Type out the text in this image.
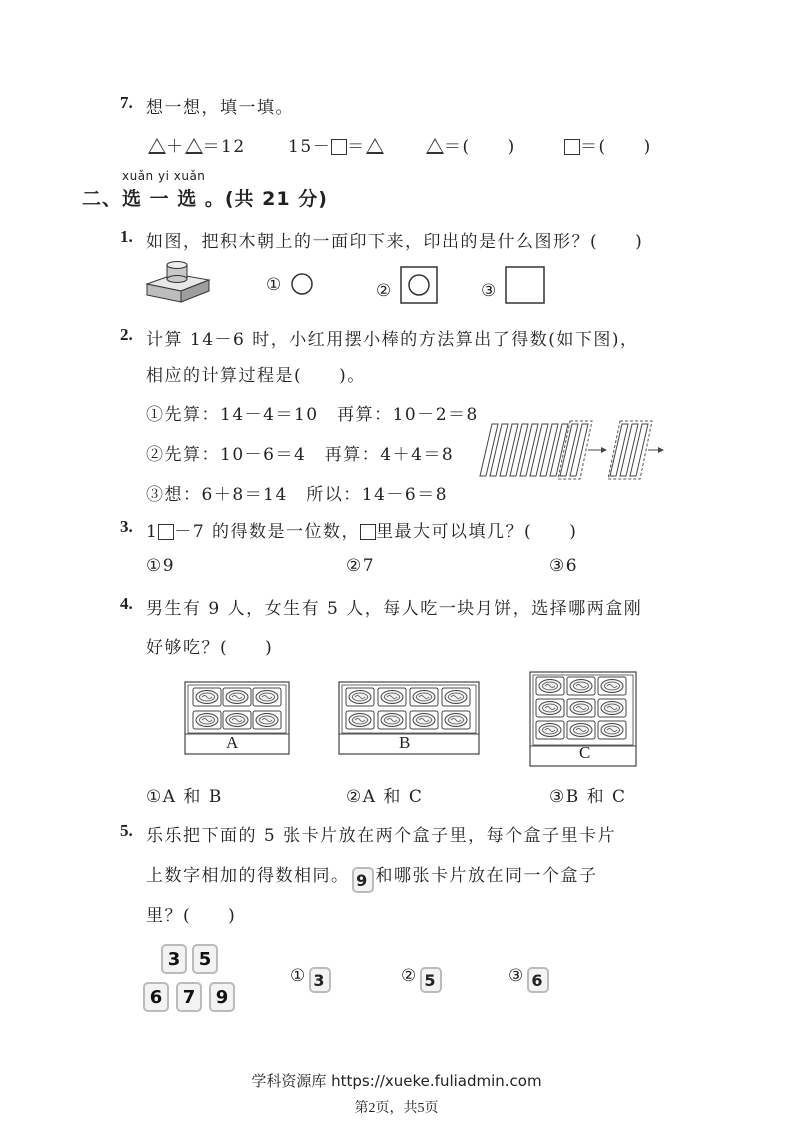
7. 想一想，填一填。
＋ ＝12 15－ ＝	＝(　　)	＝(　　)
xuǎn yi xuǎn
二、选 一 选 。(共 21 分)
1. 如图，把积木朝上的一面印下来，印出的是什么图形？(　　)
①	②	③
2. 计算 14－6 时，小红用摆小棒的方法算出了得数(如下图)，
相应的计算过程是(　　)。
①先算：14－4＝10　再算：10－2＝8
②先算：10－6＝4　再算：4＋4＝8
③想：6＋8＝14　所以：14－6＝8
3. 1 －7 的得数是一位数， 里最大可以填几？(　　)
①9	②7	③6
4. 男生有 9 人，女生有 5 人，每人吃一块月饼，选择哪两盒刚
好够吃？(　　)
A	B
C
①A 和 B	②A 和 C	③B 和 C
5. 乐乐把下面的 5 张卡片放在两个盒子里，每个盒子里卡片
上数字相加的得数相同。 9 和哪张卡片放在同一个盒子
里？(　　)
3	5
6	7	9
① 3	② 5	③ 6
学科资源库 https://xueke.fuliadmin.com
第2页，共5页
